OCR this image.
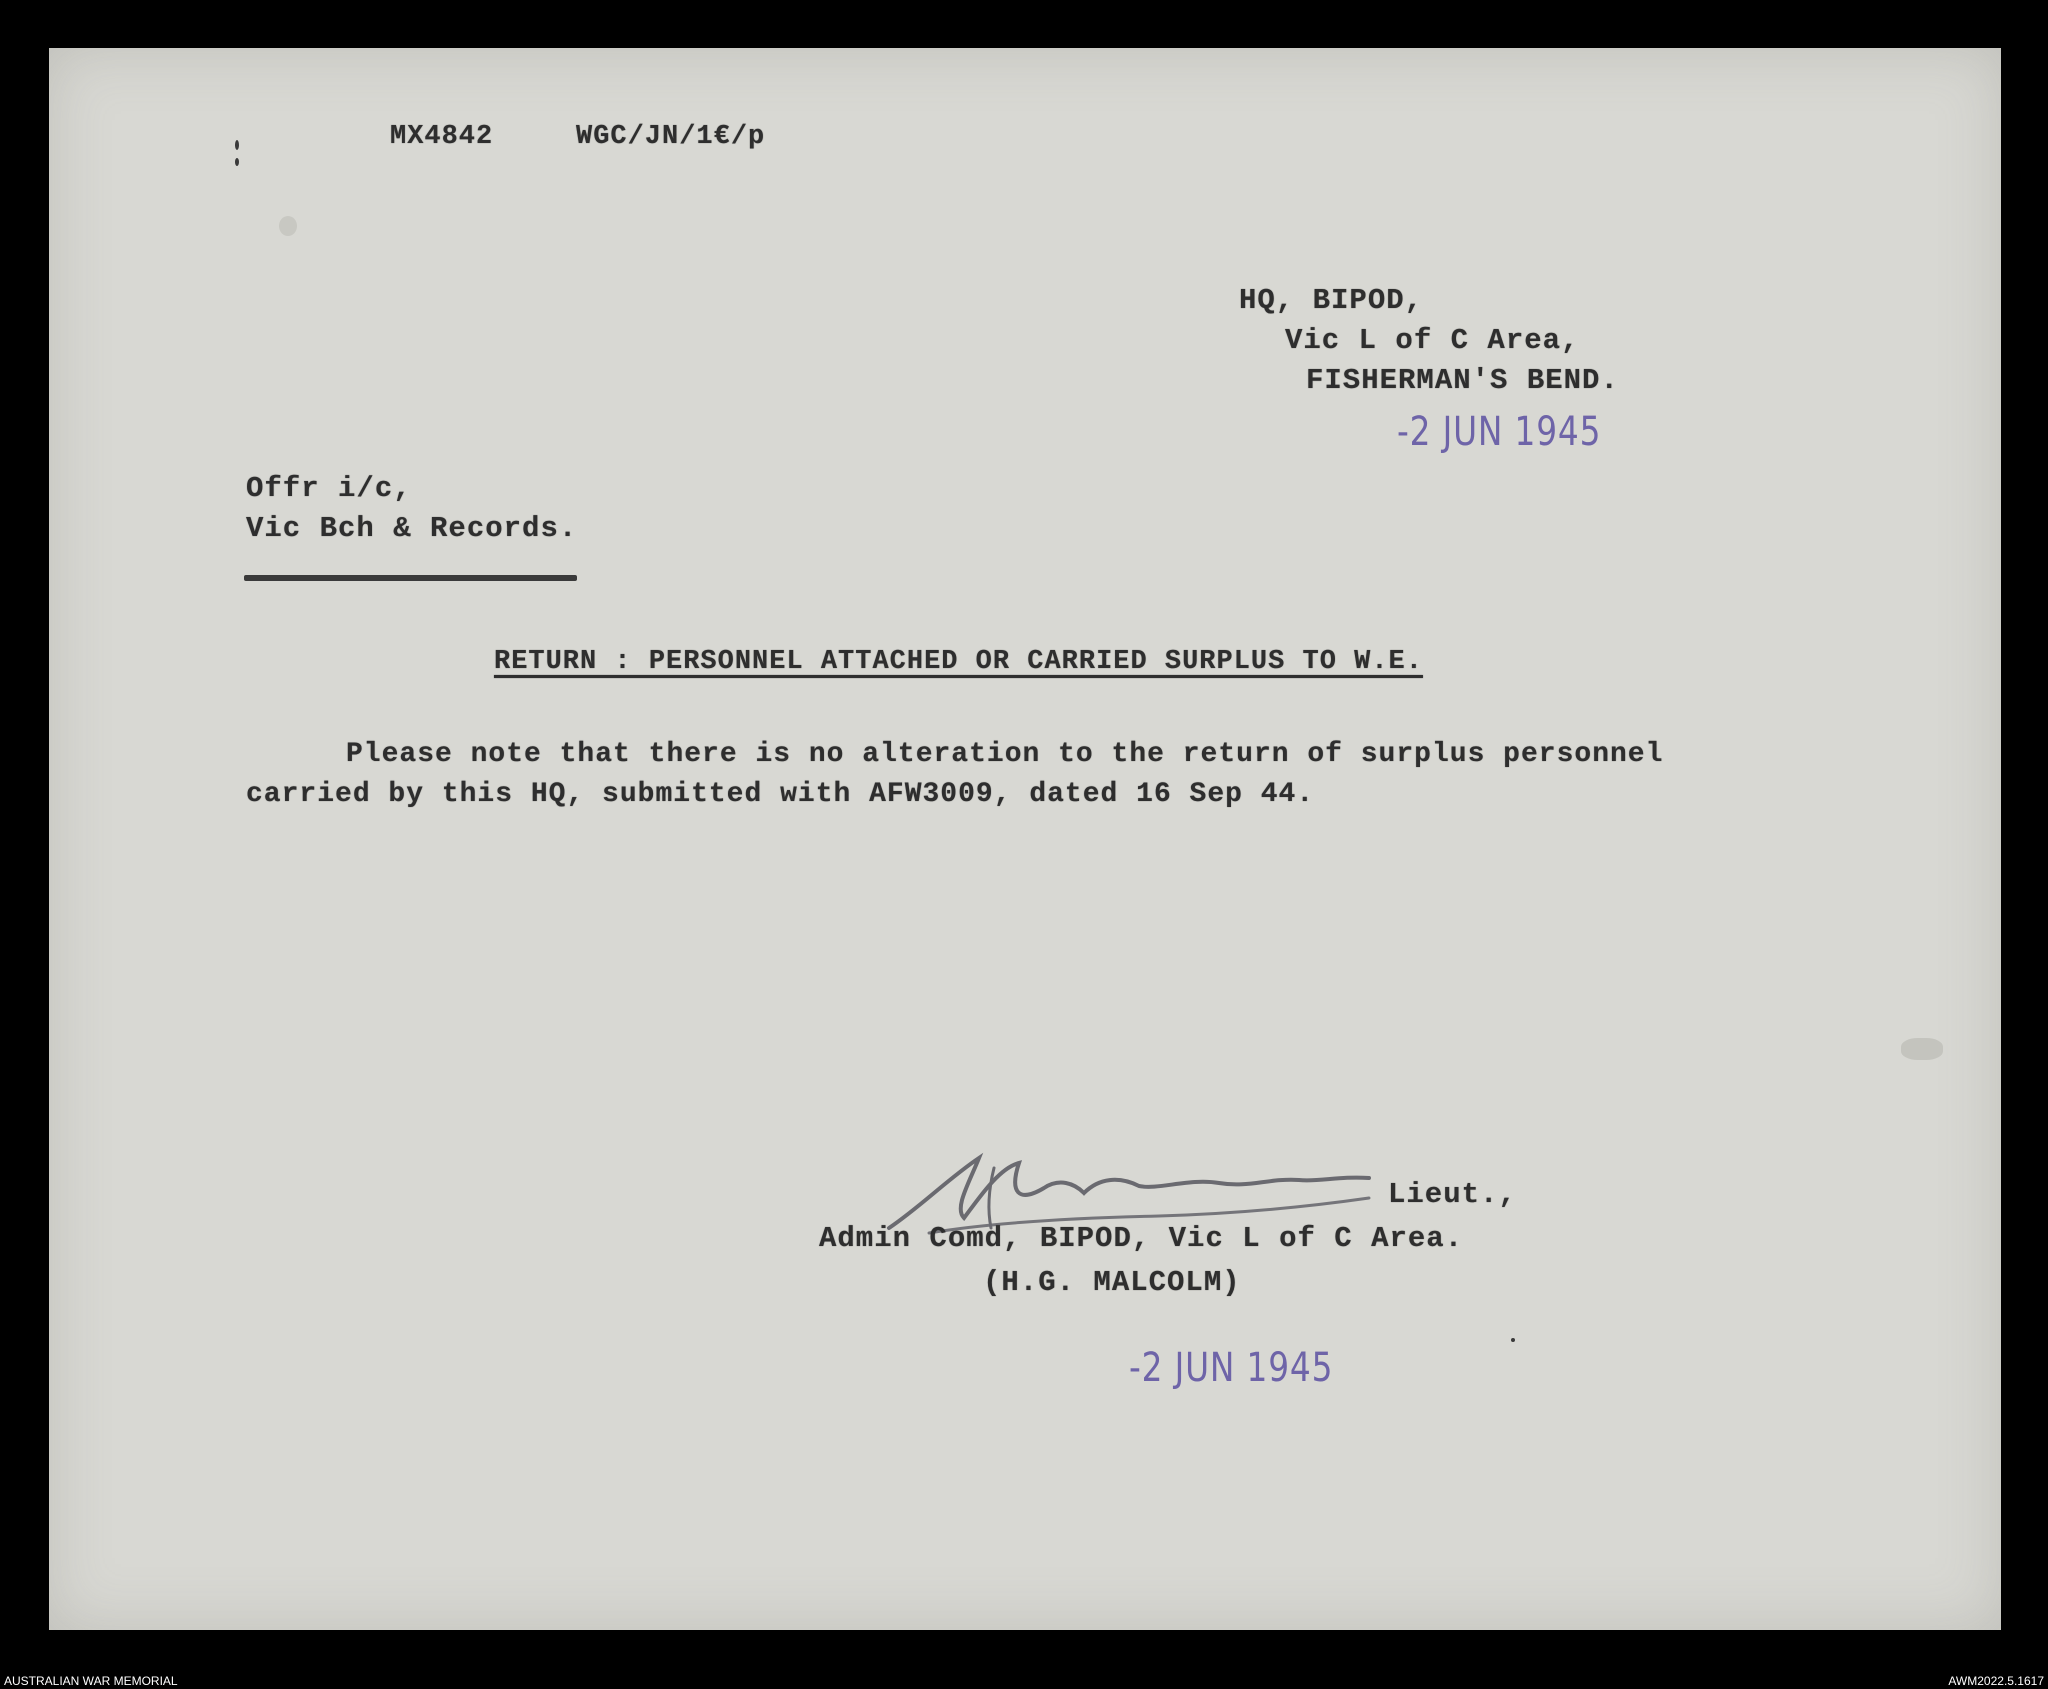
MX4842	WGC/JN/1€/p
HQ, BIPOD,
Vic L of C Area,
FISHERMAN'S BEND.
-2 JUN 1945
Offr i/c,
Vic Bch & Records.
RETURN : PERSONNEL ATTACHED OR CARRIED SURPLUS TO W.E.
Please note that there is no alteration to the return of surplus personnel
carried by this HQ, submitted with AFW3009, dated 16 Sep 44.
Lieut.,
Admin Comd, BIPOD, Vic L of C Area.
(H.G. MALCOLM)
-2 JUN 1945
AUSTRALIAN WAR MEMORIAL	AWM2022.5.1617
